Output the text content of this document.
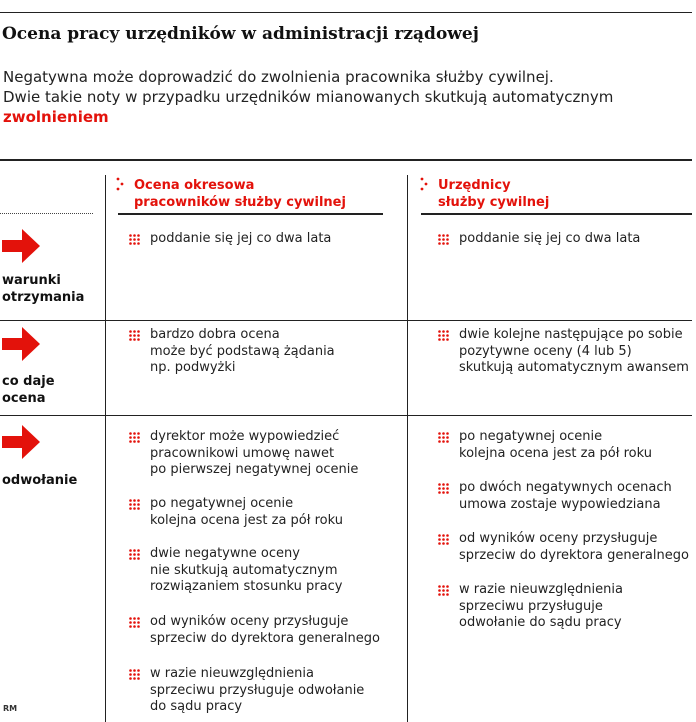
Ocena pracy urzędników w administracji rządowej
Negatywna może doprowadzić do zwolnienia pracownika służby cywilnej.
Dwie takie noty w przypadku urzędników mianowanych skutkują automatycznym
zwolnieniem
Ocena okresowa
pracowników służby cywilnej
Urzędnicy
służby cywilnej
warunki
otrzymania
poddanie się jej co dwa lata	poddanie się jej co dwa lata
co daje
ocena
bardzo dobra ocena
może być podstawą żądania
np. podwyżki
dwie kolejne następujące po sobie
pozytywne oceny (4 lub 5)
skutkują automatycznym awansem
odwołanie
dyrektor może wypowiedzieć
pracownikowi umowę nawet
po pierwszej negatywnej ocenie
po negatywnej ocenie
kolejna ocena jest za pół roku
dwie negatywne oceny
nie skutkują automatycznym
rozwiązaniem stosunku pracy
od wyników oceny przysługuje
sprzeciw do dyrektora generalnego
w razie nieuwzględnienia
sprzeciwu przysługuje odwołanie
do sądu pracy
po negatywnej ocenie
kolejna ocena jest za pół roku
po dwóch negatywnych ocenach
umowa zostaje wypowiedziana
od wyników oceny przysługuje
sprzeciw do dyrektora generalnego
w razie nieuwzględnienia
sprzeciwu przysługuje
odwołanie do sądu pracy
RM
